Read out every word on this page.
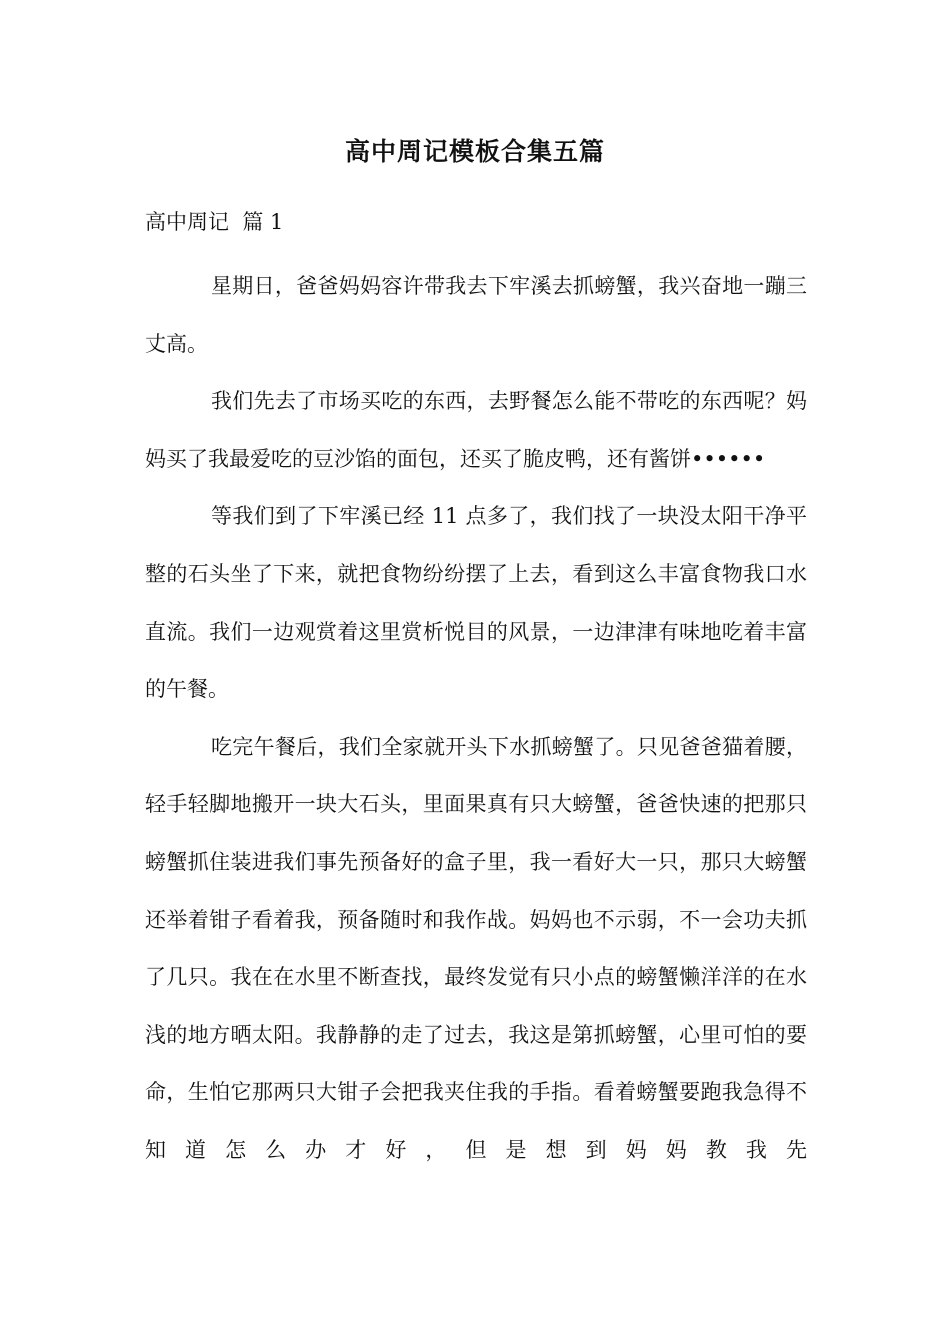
高中周记模板合集五篇
高中周记  篇 1

星期日，爸爸妈妈容许带我去下牢溪去抓螃蟹，我兴奋地一蹦三丈高。

我们先去了市场买吃的东西，去野餐怎么能不带吃的东西呢？妈妈买了我最爱吃的豆沙馅的面包，还买了脆皮鸭，还有酱饼••••••

等我们到了下牢溪已经 11 点多了，我们找了一块没太阳干净平整的石头坐了下来，就把食物纷纷摆了上去，看到这么丰富食物我口水直流。我们一边观赏着这里赏析悦目的风景，一边津津有味地吃着丰富的午餐。

吃完午餐后，我们全家就开头下水抓螃蟹了。只见爸爸猫着腰，轻手轻脚地搬开一块大石头，里面果真有只大螃蟹，爸爸快速的把那只螃蟹抓住装进我们事先预备好的盒子里，我一看好大一只，那只大螃蟹还举着钳子看着我，预备随时和我作战。妈妈也不示弱，不一会功夫抓了几只。我在在水里不断查找，最终发觉有只小点的螃蟹懒洋洋的在水浅的地方晒太阳。我静静的走了过去，我这是第抓螃蟹，心里可怕的要命，生怕它那两只大钳子会把我夹住我的手指。看着螃蟹要跑我急得不知道怎么办才好，但是想到妈妈教我先
